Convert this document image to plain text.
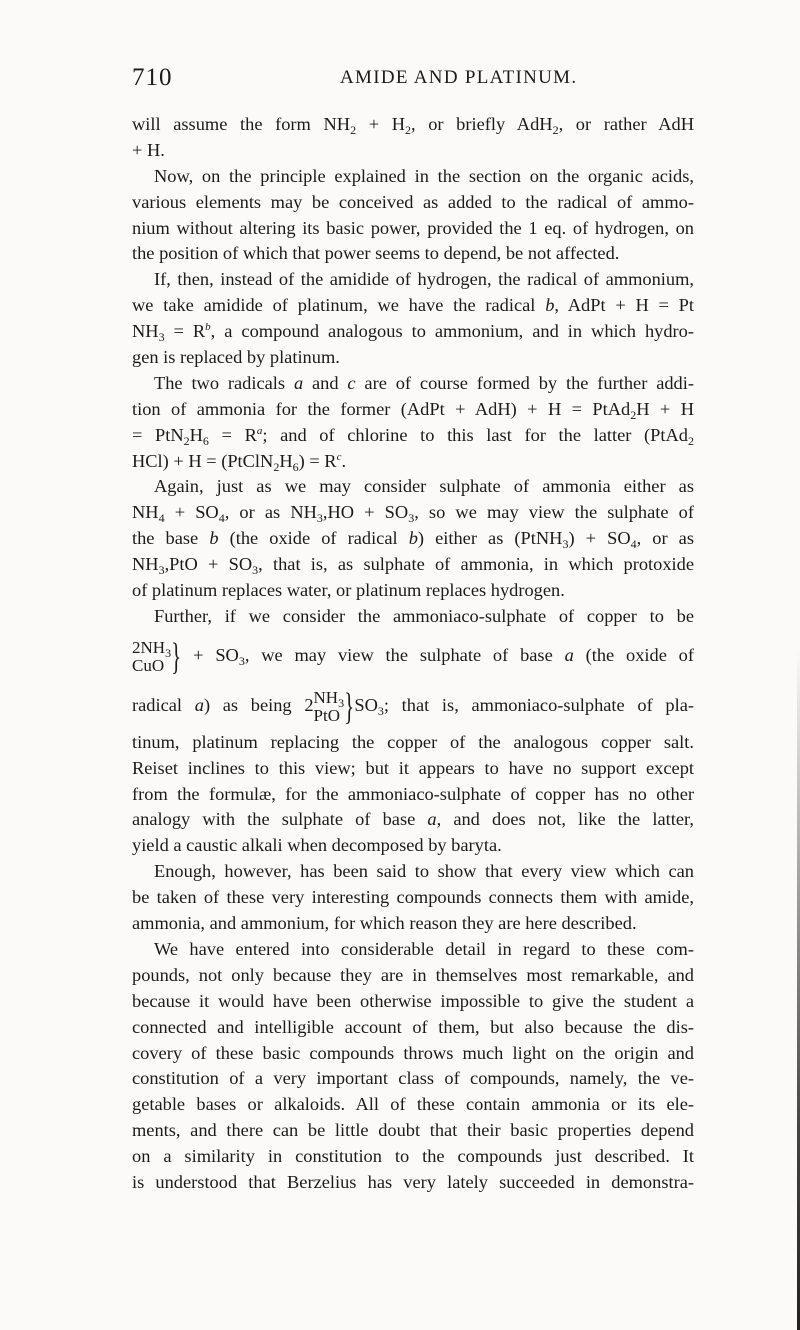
710	AMIDE AND PLATINUM.
will assume the form $NH_2 + H_2$, or briefly AdH$_2$, or rather AdH
+ H.
Now, on the principle explained in the section on the organic acids,
various elements may be conceived as added to the radical of ammo-
nium without altering its basic power, provided the 1 eq. of hydrogen, on
the position of which that power seems to depend, be not affected.
If, then, instead of the amidide of hydrogen, the radical of ammonium,
we take amidide of platinum, we have the radical b, AdPt + H = Pt
$NH_3 = R^b$, a compound analogous to ammonium, and in which hydro-
gen is replaced by platinum.
The two radicals a and c are of course formed by the further addi-
tion of ammonia for the former (AdPt + AdH) + H = PtAd$_2$H + H
= $PtN_2H_6 = R^a$; and of chlorine to this last for the latter (PtAd$_2$
$HCl) + H = (PtClN_2H_6) = R^c$.
Again, just as we may consider sulphate of ammonia either as
$NH_4 + SO_4$, or as $NH_3,HO + SO_3$, so we may view the sulphate of
the base b (the oxide of radical b) either as (PtNH$_3$) + $SO_4$, or as
$NH_3,PtO + SO_3$, that is, as sulphate of ammonia, in which protoxide
of platinum replaces water, or platinum replaces hydrogen.
Further, if we consider the ammoniaco-sulphate of copper to be
$2NH_3$
CuO } + $SO_3$, we may view the sulphate of base a (the oxide of
radical a) as being 2 $NH_3$
PtO }$SO_3$; that is, ammoniaco-sulphate of pla-
tinum, platinum replacing the copper of the analogous copper salt.
Reiset inclines to this view; but it appears to have no support except
from the formulæ, for the ammoniaco-sulphate of copper has no other
analogy with the sulphate of base a, and does not, like the latter,
yield a caustic alkali when decomposed by baryta.
Enough, however, has been said to show that every view which can
be taken of these very interesting compounds connects them with amide,
ammonia, and ammonium, for which reason they are here described.
We have entered into considerable detail in regard to these com-
pounds, not only because they are in themselves most remarkable, and
because it would have been otherwise impossible to give the student a
connected and intelligible account of them, but also because the dis-
covery of these basic compounds throws much light on the origin and
constitution of a very important class of compounds, namely, the ve-
getable bases or alkaloids. All of these contain ammonia or its ele-
ments, and there can be little doubt that their basic properties depend
on a similarity in constitution to the compounds just described. It
is understood that Berzelius has very lately succeeded in demonstra-
